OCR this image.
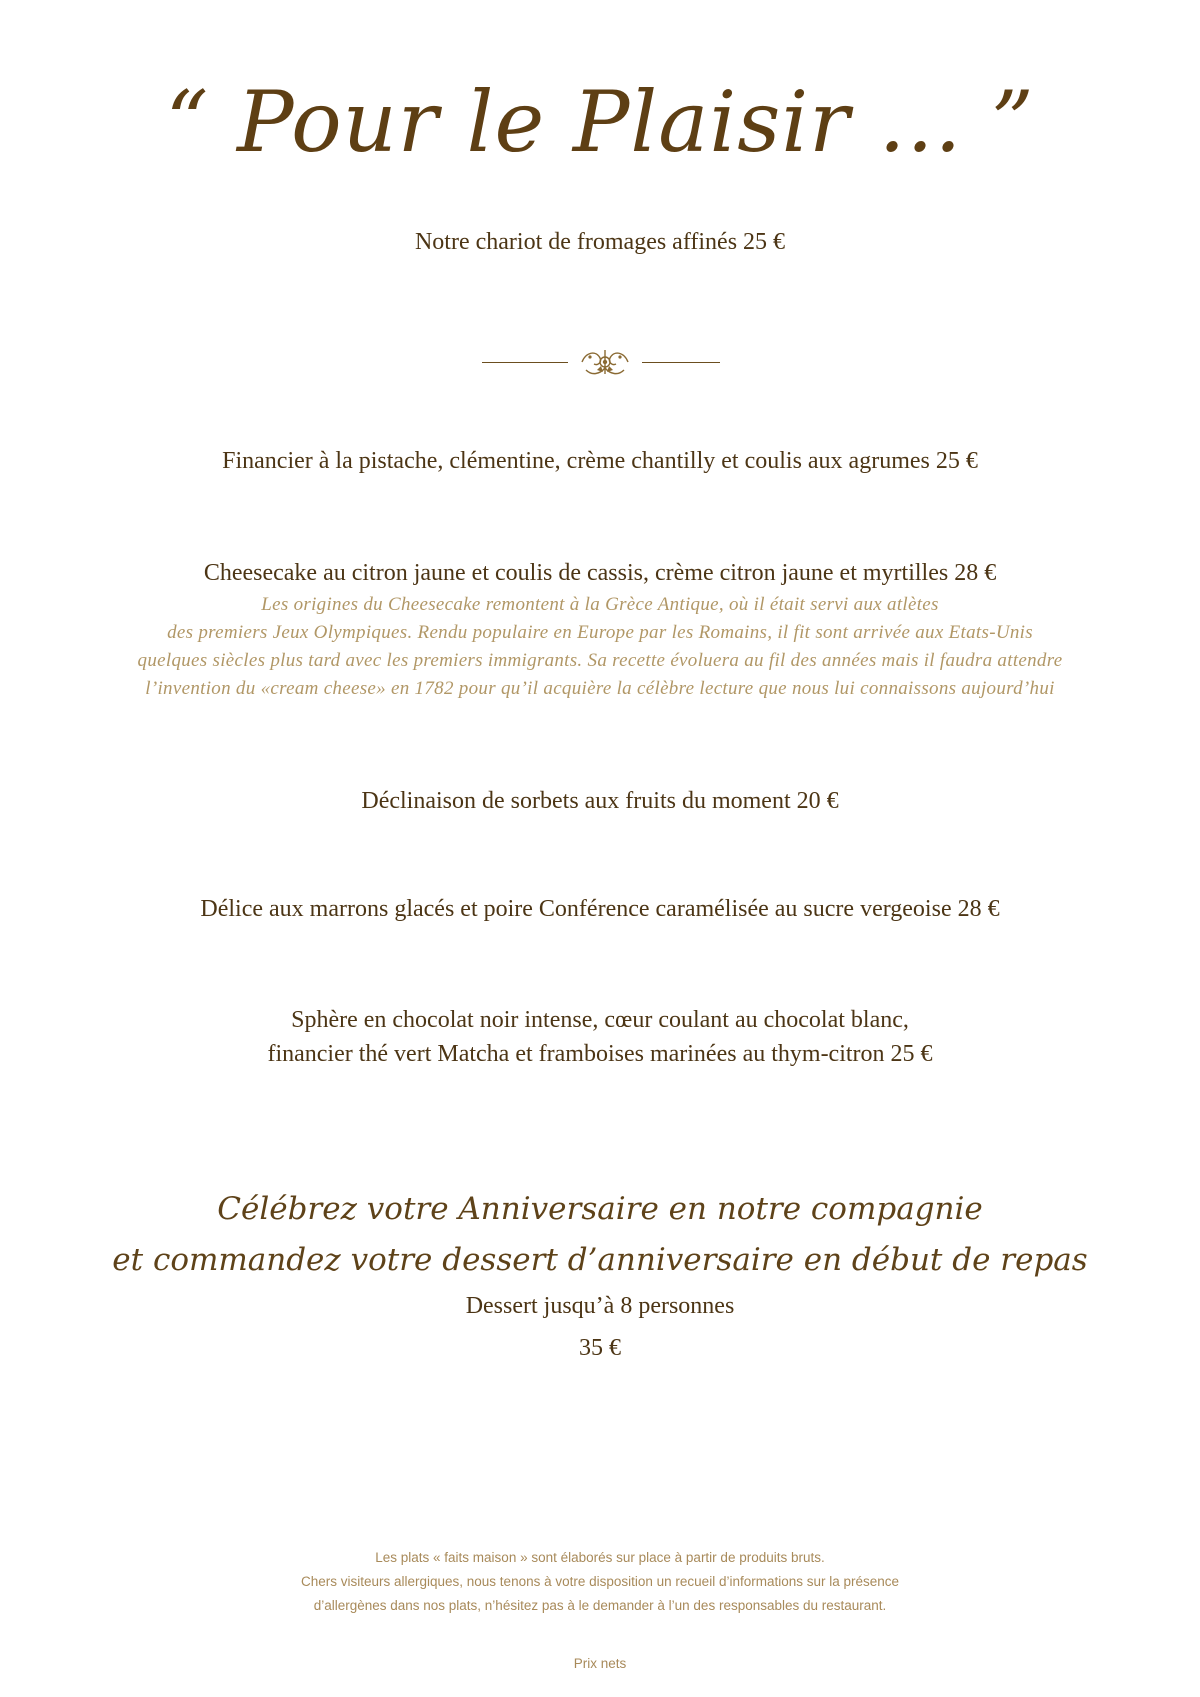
“ Pour le Plaisir … ”
Notre chariot de fromages affinés 25 €
Financier à la pistache, clémentine, crème chantilly et coulis aux agrumes 25 €
Cheesecake au citron jaune et coulis de cassis, crème citron jaune et myrtilles 28 €
Les origines du Cheesecake remontent à la Grèce Antique, où il était servi aux atlètes
des premiers Jeux Olympiques. Rendu populaire en Europe par les Romains, il fit sont arrivée aux Etats-Unis
quelques siècles plus tard avec les premiers immigrants. Sa recette évoluera au fil des années mais il faudra attendre
l’invention du «cream cheese» en 1782 pour qu’il acquière la célèbre lecture que nous lui connaissons aujourd’hui
Déclinaison de sorbets aux fruits du moment 20 €
Délice aux marrons glacés et poire Conférence caramélisée au sucre vergeoise 28 €
Sphère en chocolat noir intense, cœur coulant au chocolat blanc,
financier thé vert Matcha et framboises marinées au thym-citron 25 €
Célébrez votre Anniversaire en notre compagnie
et commandez votre dessert d’anniversaire en début de repas
Dessert jusqu’à 8 personnes
35 €
Les plats « faits maison » sont élaborés sur place à partir de produits bruts.
Chers visiteurs allergiques, nous tenons à votre disposition un recueil d’informations sur la présence
d’allergènes dans nos plats, n’hésitez pas à le demander à l’un des responsables du restaurant.
Prix nets
